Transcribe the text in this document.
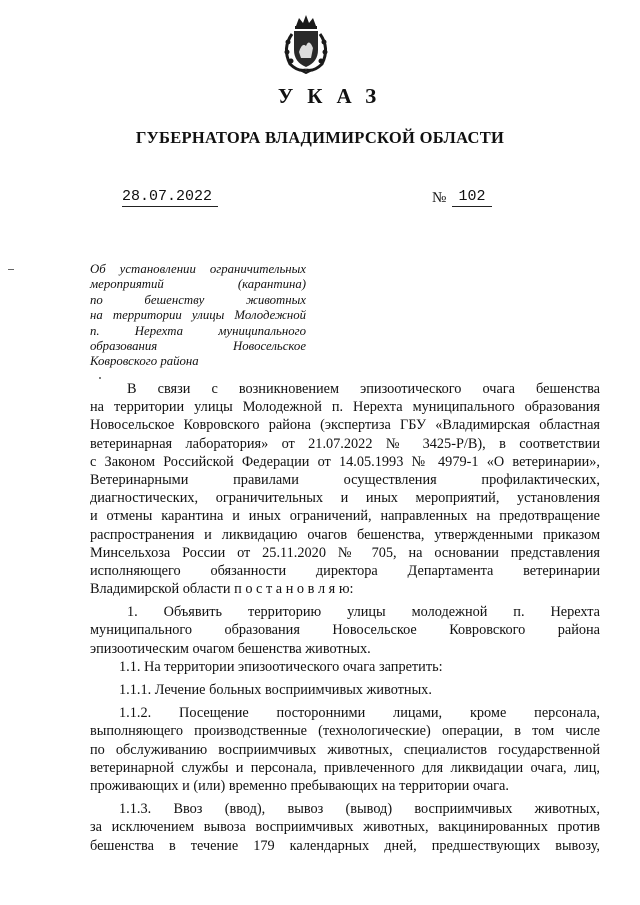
УКАЗ
ГУБЕРНАТОРА ВЛАДИМИРСКОЙ ОБЛАСТИ
28.07.2022	№ 102
Об установлении ограничительных
мероприятий (карантина)
по бешенству животных
на территории улицы Молодежной
п. Нерехта муниципального
образования Новосельское
Ковровского района
В связи с возникновением эпизоотического очага бешенства
на территории улицы Молодежной п. Нерехта муниципального образования
Новосельское Ковровского района (экспертиза ГБУ «Владимирская областная
ветеринарная лаборатория» от 21.07.2022 № 3425-Р/В), в соответствии
с Законом Российской Федерации от 14.05.1993 № 4979-1 «О ветеринарии»,
Ветеринарными правилами осуществления профилактических,
диагностических, ограничительных и иных мероприятий, установления
и отмены карантина и иных ограничений, направленных на предотвращение
распространения и ликвидацию очагов бешенства, утвержденными приказом
Минсельхоза России от 25.11.2020 № 705, на основании представления
исполняющего обязанности директора Департамента ветеринарии
Владимирской области п о с т а н о в л я ю:
1. Объявить территорию улицы молодежной п. Нерехта
муниципального образования Новосельское Ковровского района
эпизоотическим очагом бешенства животных.
1.1. На территории эпизоотического очага запретить:
1.1.1. Лечение больных восприимчивых животных.
1.1.2. Посещение посторонними лицами, кроме персонала,
выполняющего производственные (технологические) операции, в том числе
по обслуживанию восприимчивых животных, специалистов государственной
ветеринарной службы и персонала, привлеченного для ликвидации очага, лиц,
проживающих и (или) временно пребывающих на территории очага.
1.1.3. Ввоз (ввод), вывоз (вывод) восприимчивых животных,
за исключением вывоза восприимчивых животных, вакцинированных против
бешенства в течение 179 календарных дней, предшествующих вывозу,
